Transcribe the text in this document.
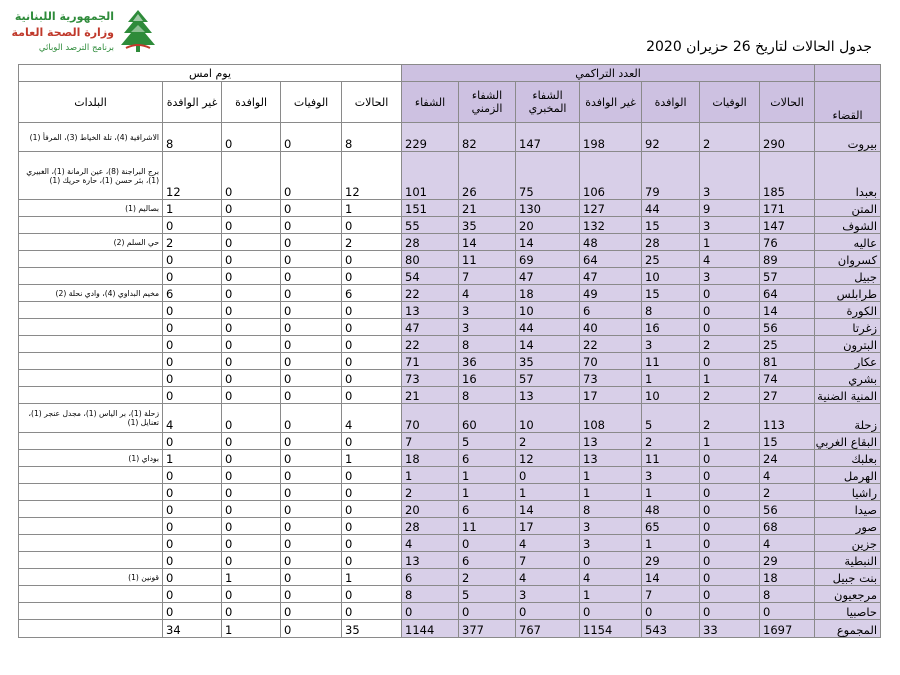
الجمهورية اللبنانية
وزارة الصحة العامة
برنامج الترصد الوبائي	جدول الحالات لتاريخ 26 حزيران 2020
	العدد التراكمي							يوم امس				
القضاء	الحالات	الوفيات	الوافدة	غير الوافدة	الشفاء المخبري	الشفاء الزمني	الشفاء	الحالات	الوفيات	الوافدة	غير الوافدة	البلدات
بيروت	290	2	92	198	147	82	229	8	0	0	8	الاشرافية (4)، تلة الخياط (3)، المرفأ (1)
بعبدا	185	3	79	106	75	26	101	12	0	0	12	برج البراجنة (8)، عين الرمانة (1)، الغبيري (1)، بئر حسن (1)، حارة حريك (1)
المتن	171	9	44	127	130	21	151	1	0	0	1	بصاليم (1)
الشوف	147	3	15	132	20	35	55	0	0	0	0	
عاليه	76	1	28	48	14	14	28	2	0	0	2	حي السلم (2)
كسروان	89	4	25	64	69	11	80	0	0	0	0	
جبيل	57	3	10	47	47	7	54	0	0	0	0	
طرابلس	64	0	15	49	18	4	22	6	0	0	6	مخيم البداوي (4)، وادي نحلة (2)
الكورة	14	0	8	6	10	3	13	0	0	0	0	
زغرتا	56	0	16	40	44	3	47	0	0	0	0	
البترون	25	2	3	22	14	8	22	0	0	0	0	
عكار	81	0	11	70	35	36	71	0	0	0	0	
بشري	74	1	1	73	57	16	73	0	0	0	0	
المنية الضنية	27	2	10	17	13	8	21	0	0	0	0	
زحلة	113	2	5	108	10	60	70	4	0	0	4	زحلة (1)، بر الياس (1)، مجدل عنجر (1)، تعنايل (1)
البقاع الغربي	15	1	2	13	2	5	7	0	0	0	0	
بعلبك	24	0	11	13	12	6	18	1	0	0	1	بوداي (1)
الهرمل	4	0	3	1	0	1	1	0	0	0	0	
راشيا	2	0	1	1	1	1	2	0	0	0	0	
صيدا	56	0	48	8	14	6	20	0	0	0	0	
صور	68	0	65	3	17	11	28	0	0	0	0	
جزين	4	0	1	3	4	0	4	0	0	0	0	
النبطية	29	0	29	0	7	6	13	0	0	0	0	
بنت جبيل	18	0	14	4	4	2	6	1	0	1	0	قونين (1)
مرجعيون	8	0	7	1	3	5	8	0	0	0	0	
حاصبيا	0	0	0	0	0	0	0	0	0	0	0	
المجموع	1697	33	543	1154	767	377	1144	35	0	1	34	
